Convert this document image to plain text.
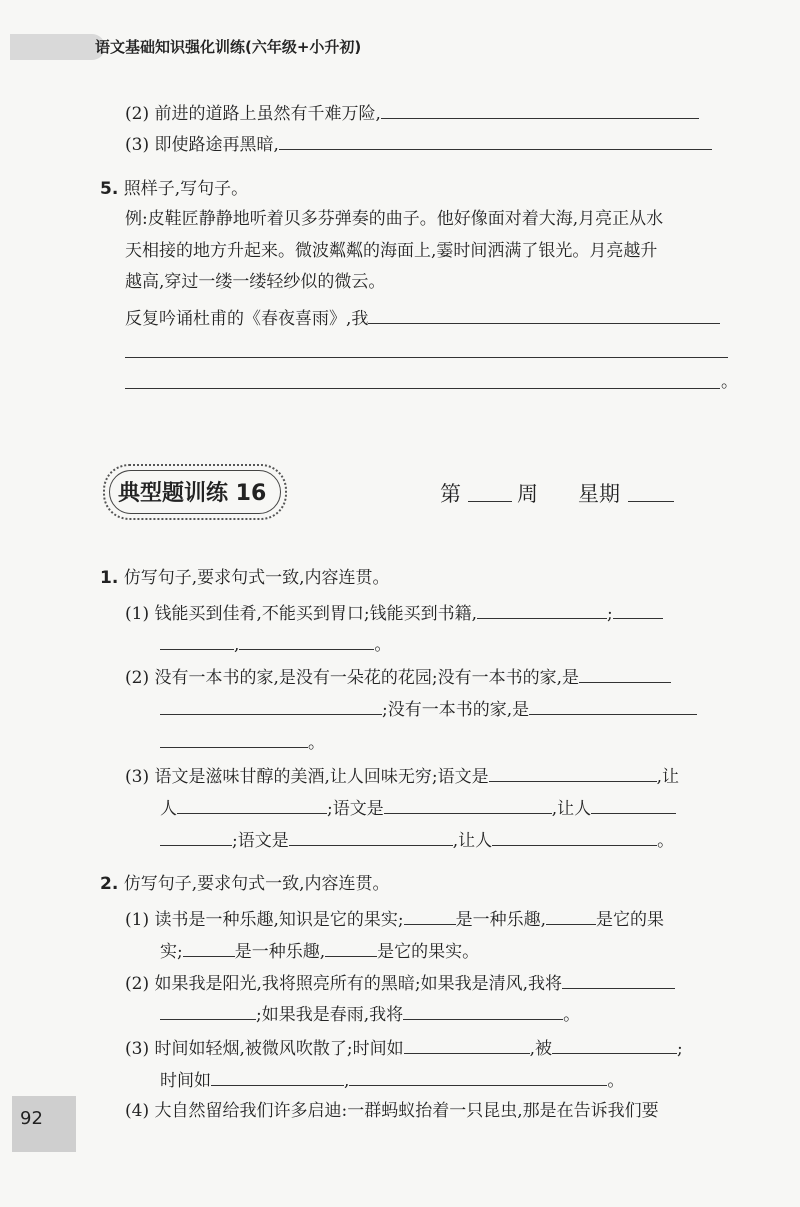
语文基础知识强化训练(六年级+小升初)
(2) 前进的道路上虽然有千难万险,
(3) 即使路途再黑暗,
5. 照样子,写句子。
例:皮鞋匠静静地听着贝多芬弹奏的曲子。他好像面对着大海,月亮正从水
天相接的地方升起来。微波粼粼的海面上,霎时间洒满了银光。月亮越升
越高,穿过一缕一缕轻纱似的微云。
反复吟诵杜甫的《春夜喜雨》,我
。
典型题训练 16	第	周 星期
1. 仿写句子,要求句式一致,内容连贯。
(1) 钱能买到佳肴,不能买到胃口;钱能买到书籍,	;
,	。
(2) 没有一本书的家,是没有一朵花的花园;没有一本书的家,是
;没有一本书的家,是
。
(3) 语文是滋味甘醇的美酒,让人回味无穷;语文是	,让
人	;语文是	,让人
;语文是	,让人	。
2. 仿写句子,要求句式一致,内容连贯。
(1) 读书是一种乐趣,知识是它的果实;	是一种乐趣,	是它的果
实;	是一种乐趣,	是它的果实。
(2) 如果我是阳光,我将照亮所有的黑暗;如果我是清风,我将
;如果我是春雨,我将	。
(3) 时间如轻烟,被微风吹散了;时间如	,被	;
时间如	,	。
(4) 大自然留给我们许多启迪:一群蚂蚁抬着一只昆虫,那是在告诉我们要
92
